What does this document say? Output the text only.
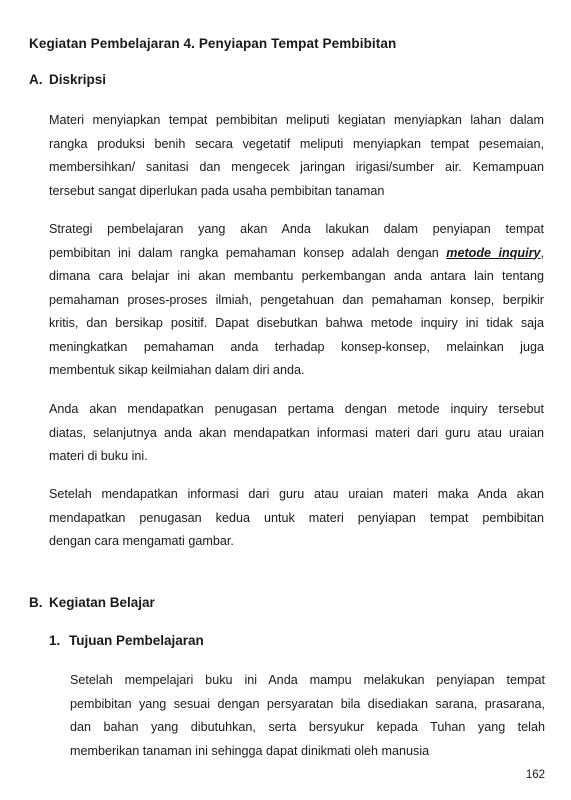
Kegiatan Pembelajaran 4. Penyiapan Tempat Pembibitan
A. Diskripsi
Materi menyiapkan tempat pembibitan meliputi kegiatan menyiapkan lahan dalam
rangka produksi benih secara vegetatif meliputi menyiapkan tempat pesemaian,
membersihkan/ sanitasi dan mengecek jaringan irigasi/sumber air. Kemampuan
tersebut sangat diperlukan pada usaha pembibitan tanaman
Strategi pembelajaran yang akan Anda lakukan dalam penyiapan tempat
pembibitan ini dalam rangka pemahaman konsep adalah dengan metode inquiry,
dimana cara belajar ini akan membantu perkembangan anda antara lain tentang
pemahaman proses-proses ilmiah, pengetahuan dan pemahaman konsep, berpikir
kritis, dan bersikap positif. Dapat disebutkan bahwa metode inquiry ini tidak saja
meningkatkan pemahaman anda terhadap konsep-konsep, melainkan juga
membentuk sikap keilmiahan dalam diri anda.
Anda akan mendapatkan penugasan pertama dengan metode inquiry tersebut
diatas, selanjutnya anda akan mendapatkan informasi materi dari guru atau uraian
materi di buku ini.
Setelah mendapatkan informasi dari guru atau uraian materi maka Anda akan
mendapatkan penugasan kedua untuk materi penyiapan tempat pembibitan
dengan cara mengamati gambar.
B. Kegiatan Belajar
1. Tujuan Pembelajaran
Setelah mempelajari buku ini Anda mampu melakukan penyiapan tempat
pembibitan yang sesuai dengan persyaratan bila disediakan sarana, prasarana,
dan bahan yang dibutuhkan, serta bersyukur kepada Tuhan yang telah
memberikan tanaman ini sehingga dapat dinikmati oleh manusia
162
